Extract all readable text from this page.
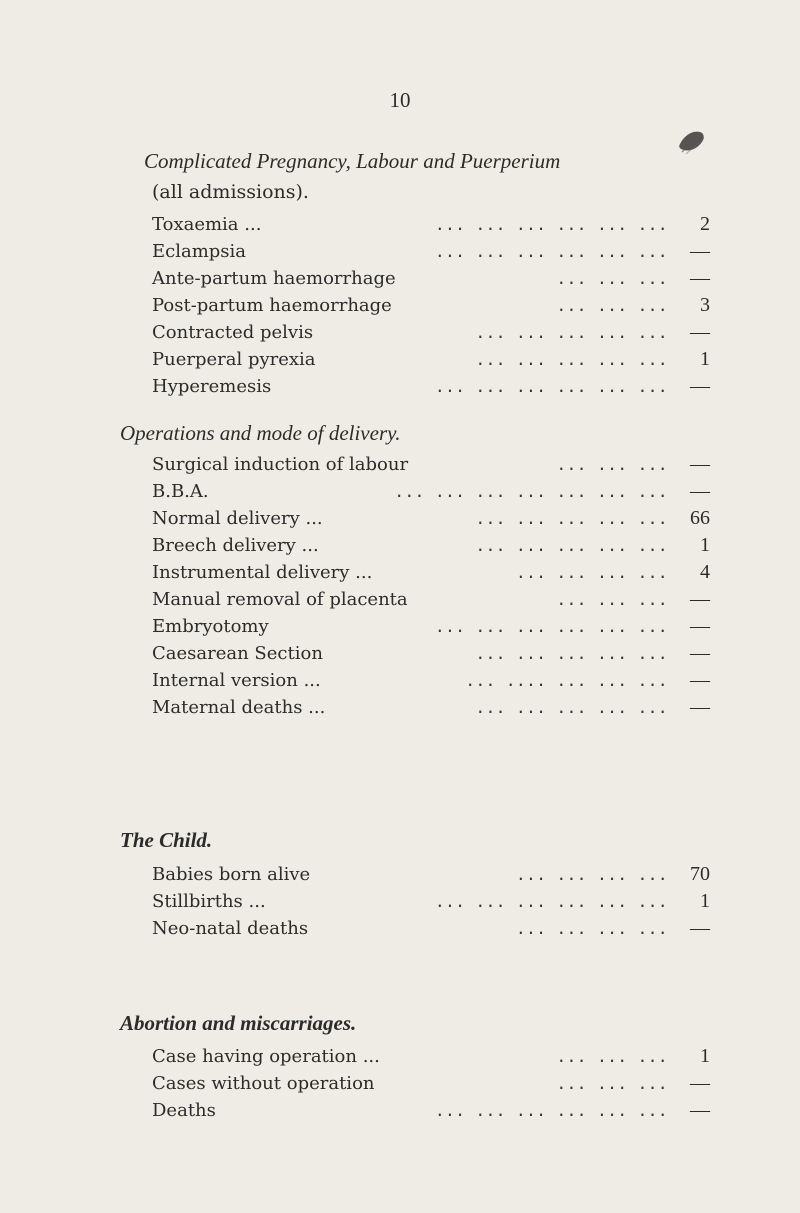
10
Complicated Pregnancy, Labour and Puerperium
(all admissions).
Toxaemia ...	... ... ... ... ... ...	2
Eclampsia	... ... ... ... ... ...	—
Ante-partum haemorrhage	... ... ...	—
Post-partum haemorrhage	... ... ...	3
Contracted pelvis	... ... ... ... ...	—
Puerperal pyrexia	... ... ... ... ...	1
Hyperemesis	... ... ... ... ... ...	—
Operations and mode of delivery.
Surgical induction of labour	... ... ...	—
B.B.A.	... ... ... ... ... ... ...	—
Normal delivery ...	... ... ... ... ...	66
Breech delivery ...	... ... ... ... ...	1
Instrumental delivery ...	... ... ... ...	4
Manual removal of placenta	... ... ...	—
Embryotomy	... ... ... ... ... ...	—
Caesarean Section	... ... ... ... ...	—
Internal version ...	... .... ... ... ...	—
Maternal deaths ...	... ... ... ... ...	—
The Child.
Babies born alive	... ... ... ...	70
Stillbirths ...	... ... ... ... ... ...	1
Neo-natal deaths	... ... ... ...	—
Abortion and miscarriages.
Case having operation ...	... ... ...	1
Cases without operation	... ... ...	—
Deaths	... ... ... ... ... ...	—
